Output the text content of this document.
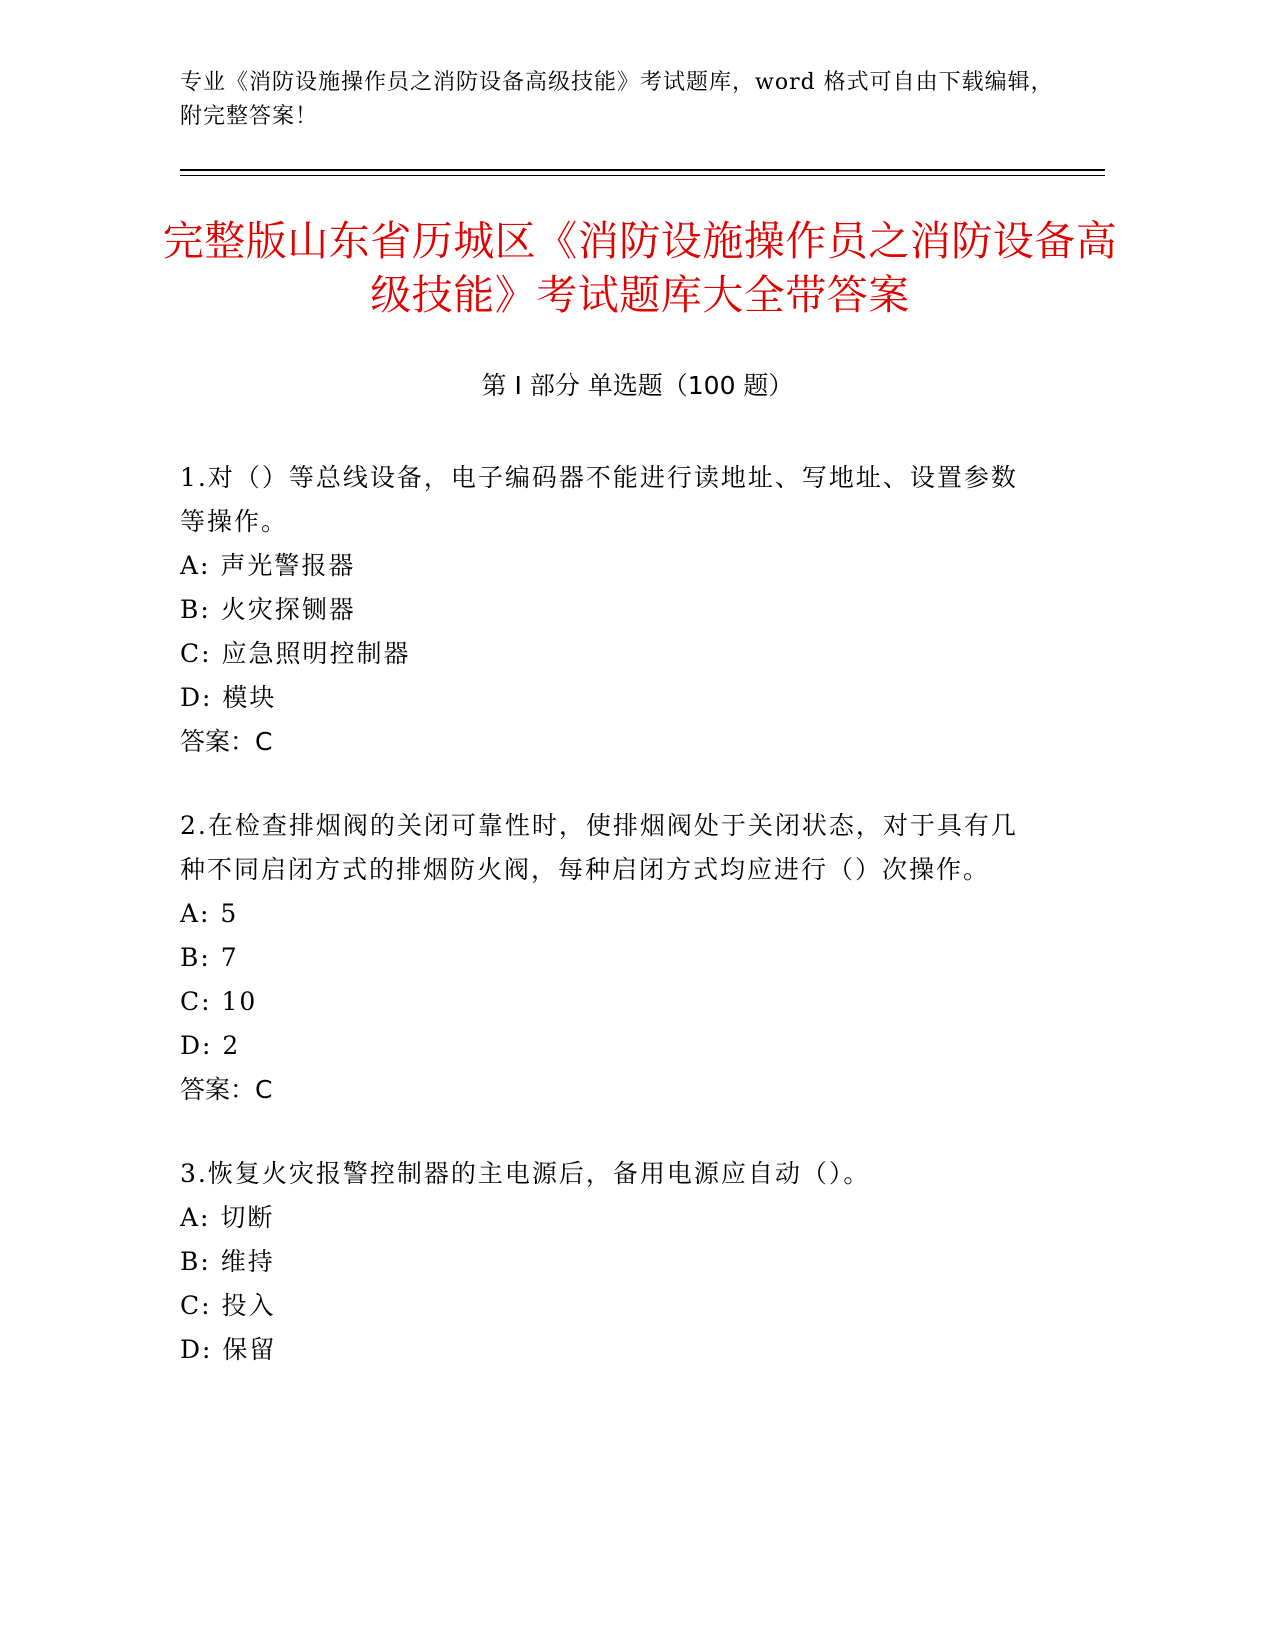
专业《消防设施操作员之消防设备高级技能》考试题库，word 格式可自由下载编辑，附完整答案！
完整版山东省历城区《消防设施操作员之消防设备高级技能》考试题库大全带答案
第 I 部分 单选题（100 题）

1.对（）等总线设备，电子编码器不能进行读地址、写地址、设置参数等操作。

A: 声光警报器

B: 火灾探铡器

C: 应急照明控制器

D: 模块

答案：C

2.在检查排烟阀的关闭可靠性时，使排烟阀处于关闭状态，对于具有几种不同启闭方式的排烟防火阀，每种启闭方式均应进行（）次操作。

A: 5

B: 7

C: 10

D: 2

答案：C

3.恢复火灾报警控制器的主电源后，备用电源应自动（）。

A: 切断

B: 维持

C: 投入

D: 保留
